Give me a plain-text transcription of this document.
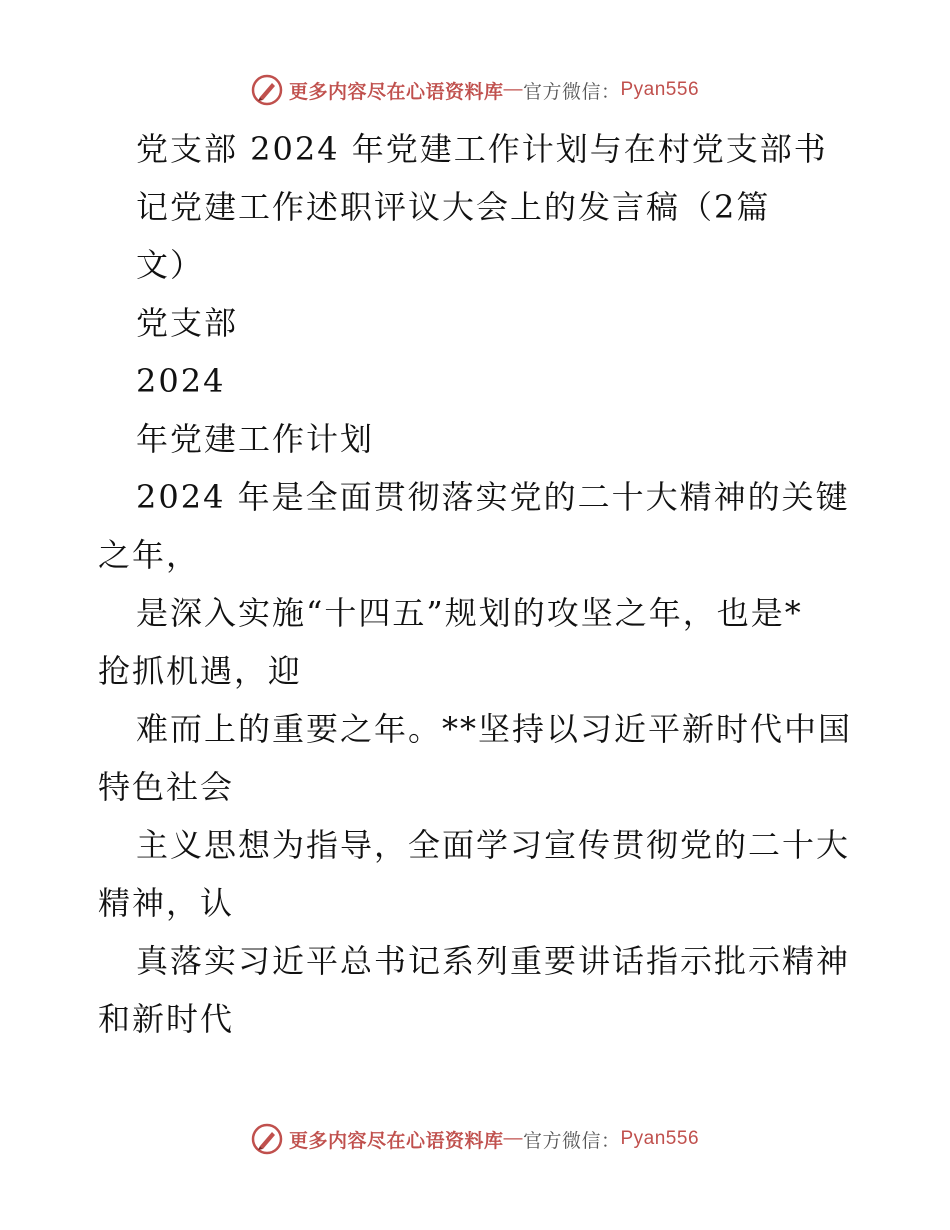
更多内容尽在心语资料库 — 官方微信： Pyan556
党支部 2024 年党建工作计划与在村党支部书
记党建工作述职评议大会上的发言稿（2篇
文）
党支部
2024
年党建工作计划
2024 年是全面贯彻落实党的二十大精神的关键
之年，
是深入实施“十四五”规划的攻坚之年，也是*
抢抓机遇，迎
难而上的重要之年。**坚持以习近平新时代中国
特色社会
主义思想为指导，全面学习宣传贯彻党的二十大
精神，认
真落实习近平总书记系列重要讲话指示批示精神
和新时代
更多内容尽在心语资料库 — 官方微信： Pyan556
